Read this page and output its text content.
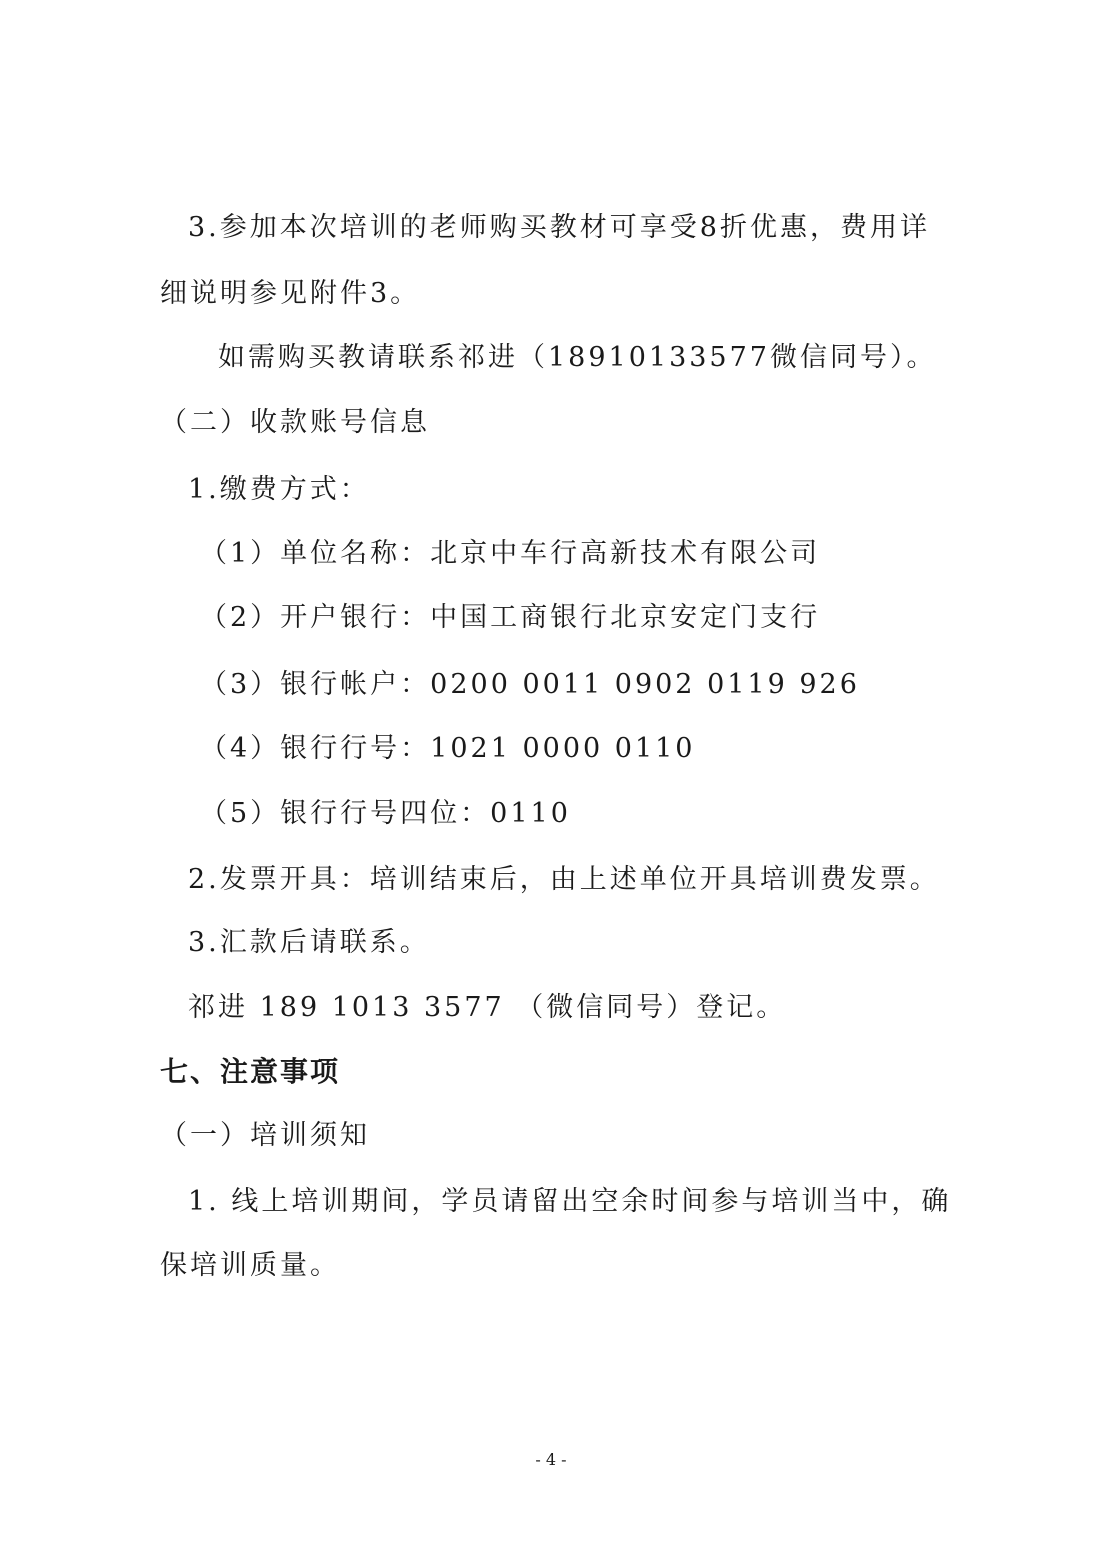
3.参加本次培训的老师购买教材可享受8折优惠，费用详
细说明参见附件3。
如需购买教请联系祁进（18910133577微信同号）。
（二）收款账号信息
1.缴费方式：
（1）单位名称：北京中车行高新技术有限公司
（2）开户银行：中国工商银行北京安定门支行
（3）银行帐户：0200 0011 0902 0119 926
（4）银行行号：1021 0000 0110
（5）银行行号四位：0110
2.发票开具：培训结束后，由上述单位开具培训费发票。
3.汇款后请联系。
祁进 189 1013 3577 （微信同号）登记。
七、注意事项
（一）培训须知
1. 线上培训期间，学员请留出空余时间参与培训当中，确
保培训质量。
- 4 -
